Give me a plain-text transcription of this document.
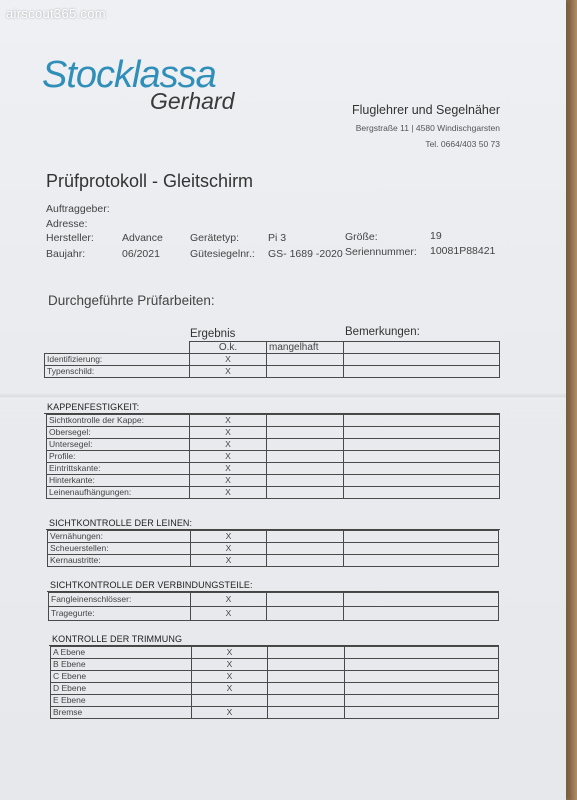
airscout365.com
Stocklassa
Gerhard	Fluglehrer und Segelnäher
Bergstraße 11 | 4580 Windischgarsten
Tel. 0664/403 50 73
Prüfprotokoll - Gleitschirm
Auftraggeber:
Adresse:
Hersteller:	Advance	Gerätetyp:	Pi 3	Größe:	19
Baujahr:	06/2021	Gütesiegelnr.: GS- 1689 -2020 Seriennummer: 10081P88421
Durchgeführte Prüfarbeiten:
Ergebnis	Bemerkungen:
	O.k.	mangelhaft	
Identifizierung:	X		
Typenschild:	X		
KAPPENFESTIGKEIT:
Sichtkontrolle der Kappe:	X		
Obersegel:	X		
Untersegel:	X		
Profile:	X		
Eintrittskante:	X		
Hinterkante:	X		
Leinenaufhängungen:	X		
SICHTKONTROLLE DER LEINEN:
Vernähungen:	X		
Scheuerstellen:	X		
Kernaustritte:	X		
SICHTKONTROLLE DER VERBINDUNGSTEILE:
Fangleinenschlösser:	X		
Tragegurte:	X		
KONTROLLE DER TRIMMUNG
A Ebene	X		
B Ebene	X		
C Ebene	X		
D Ebene	X		
E Ebene			
Bremse	X		
